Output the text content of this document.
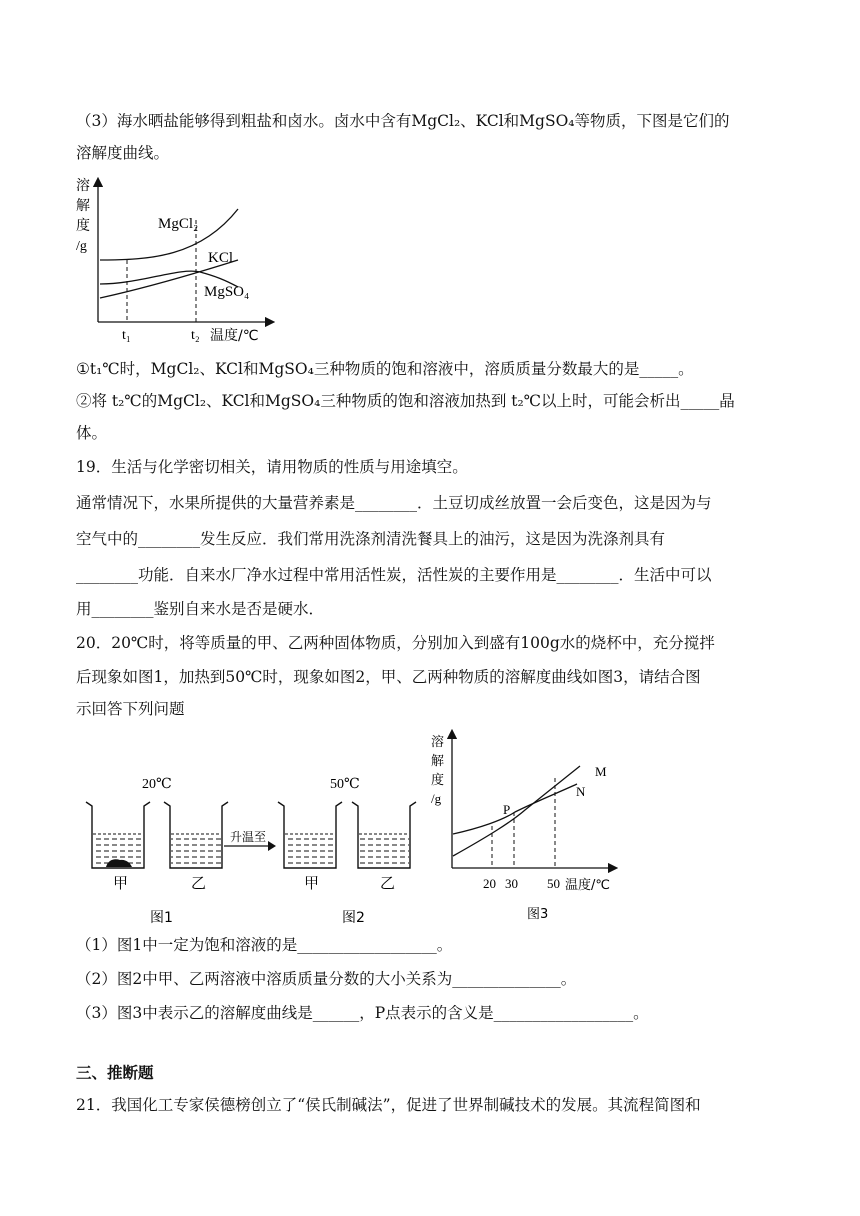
（3）海水晒盐能够得到粗盐和卤水。卤水中含有MgCl₂、KCl和MgSO₄等物质，下图是它们的
溶解度曲线。
溶
解
度
/g
MgCl₂
KCl
MgSO₄
t₁	t₂ 温度/℃
①t₁℃时，MgCl₂、KCl和MgSO₄三种物质的饱和溶液中，溶质质量分数最大的是_____。
②将 t₂℃的MgCl₂、KCl和MgSO₄三种物质的饱和溶液加热到 t₂℃以上时，可能会析出_____晶
体。
19．生活与化学密切相关，请用物质的性质与用途填空。
通常情况下，水果所提供的大量营养素是________．土豆切成丝放置一会后变色，这是因为与
空气中的________发生反应．我们常用洗涤剂清洗餐具上的油污，这是因为洗涤剂具有
________功能．自来水厂净水过程中常用活性炭，活性炭的主要作用是________．生活中可以
用________鉴别自来水是否是硬水．
20．20℃时，将等质量的甲、乙两种固体物质，分别加入到盛有100g水的烧杯中，充分搅拌
后现象如图1，加热到50℃时，现象如图2，甲、乙两种物质的溶解度曲线如图3，请结合图
示回答下列问题
20℃	50℃
甲	乙
升温至
甲	乙
图1	图2
溶
解
度
/g
P
M
N
20 30 50 温度/℃
图3
（1）图1中一定为饱和溶液的是__________________。
（2）图2中甲、乙两溶液中溶质质量分数的大小关系为______________。
（3）图3中表示乙的溶解度曲线是______，P点表示的含义是__________________。
三、推断题
21．我国化工专家侯德榜创立了“侯氏制碱法”，促进了世界制碱技术的发展。其流程简图和
